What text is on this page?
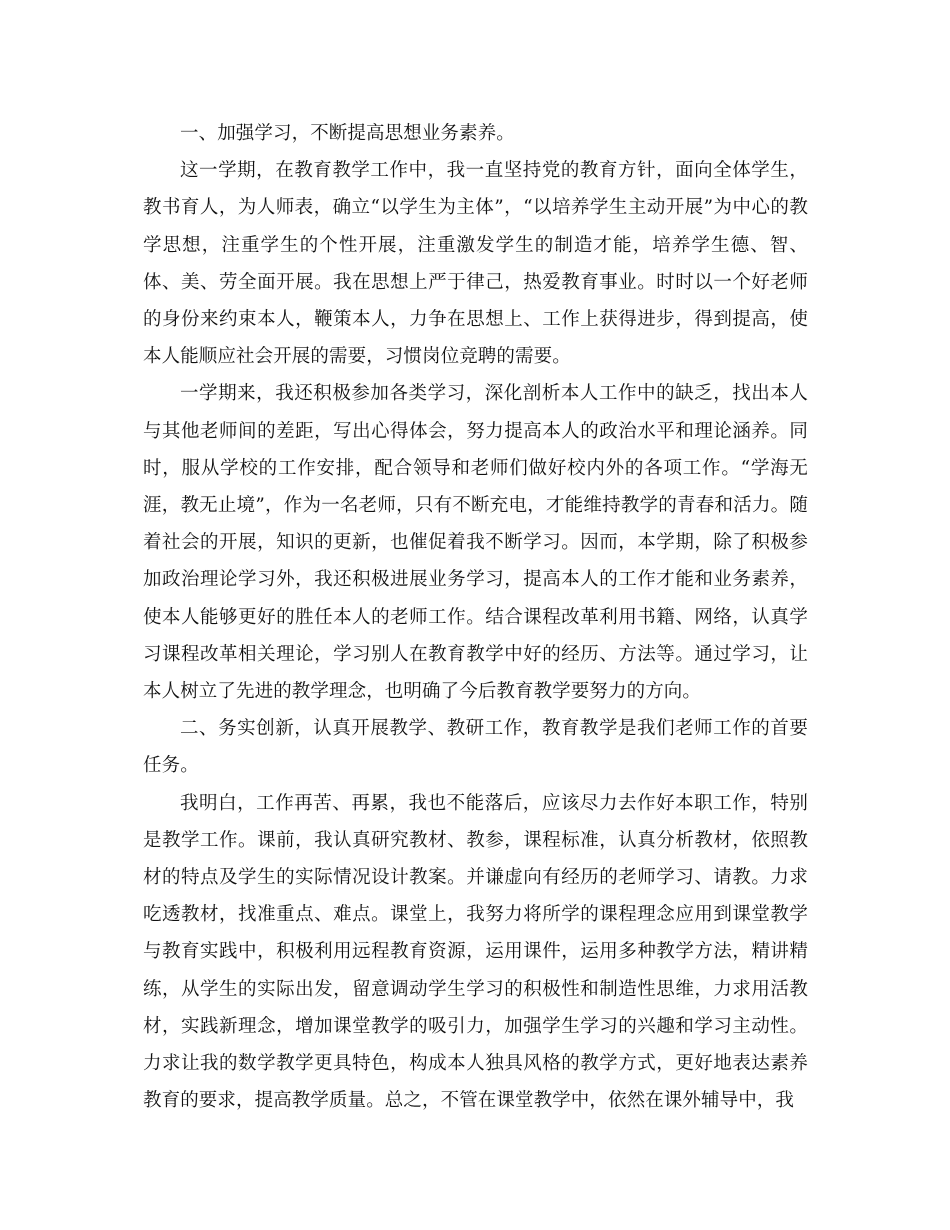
一、加强学习，不断提高思想业务素养。

这一学期，在教育教学工作中，我一直坚持党的教育方针，面向全体学生，教书育人，为人师表，确立“以学生为主体”，“以培养学生主动开展”为中心的教学思想，注重学生的个性开展，注重激发学生的制造才能，培养学生德、智、体、美、劳全面开展。我在思想上严于律己，热爱教育事业。时时以一个好老师的身份来约束本人，鞭策本人，力争在思想上、工作上获得进步，得到提高，使本人能顺应社会开展的需要，习惯岗位竞聘的需要。

一学期来，我还积极参加各类学习，深化剖析本人工作中的缺乏，找出本人与其他老师间的差距，写出心得体会，努力提高本人的政治水平和理论涵养。同时，服从学校的工作安排，配合领导和老师们做好校内外的各项工作。“学海无涯，教无止境”，作为一名老师，只有不断充电，才能维持教学的青春和活力。随着社会的开展，知识的更新，也催促着我不断学习。因而，本学期，除了积极参加政治理论学习外，我还积极进展业务学习，提高本人的工作才能和业务素养，使本人能够更好的胜任本人的老师工作。结合课程改革利用书籍、网络，认真学习课程改革相关理论，学习别人在教育教学中好的经历、方法等。通过学习，让本人树立了先进的教学理念，也明确了今后教育教学要努力的方向。

二、务实创新，认真开展教学、教研工作，教育教学是我们老师工作的首要任务。

我明白，工作再苦、再累，我也不能落后，应该尽力去作好本职工作，特别是教学工作。课前，我认真研究教材、教参，课程标准，认真分析教材，依照教材的特点及学生的实际情况设计教案。并谦虚向有经历的老师学习、请教。力求吃透教材，找准重点、难点。课堂上，我努力将所学的课程理念应用到课堂教学与教育实践中，积极利用远程教育资源，运用课件，运用多种教学方法，精讲精练，从学生的实际出发，留意调动学生学习的积极性和制造性思维，力求用活教材，实践新理念，增加课堂教学的吸引力，加强学生学习的兴趣和学习主动性。力求让我的数学教学更具特色，构成本人独具风格的教学方式，更好地表达素养教育的要求，提高教学质量。总之，不管在课堂教学中，依然在课外辅导中，我
